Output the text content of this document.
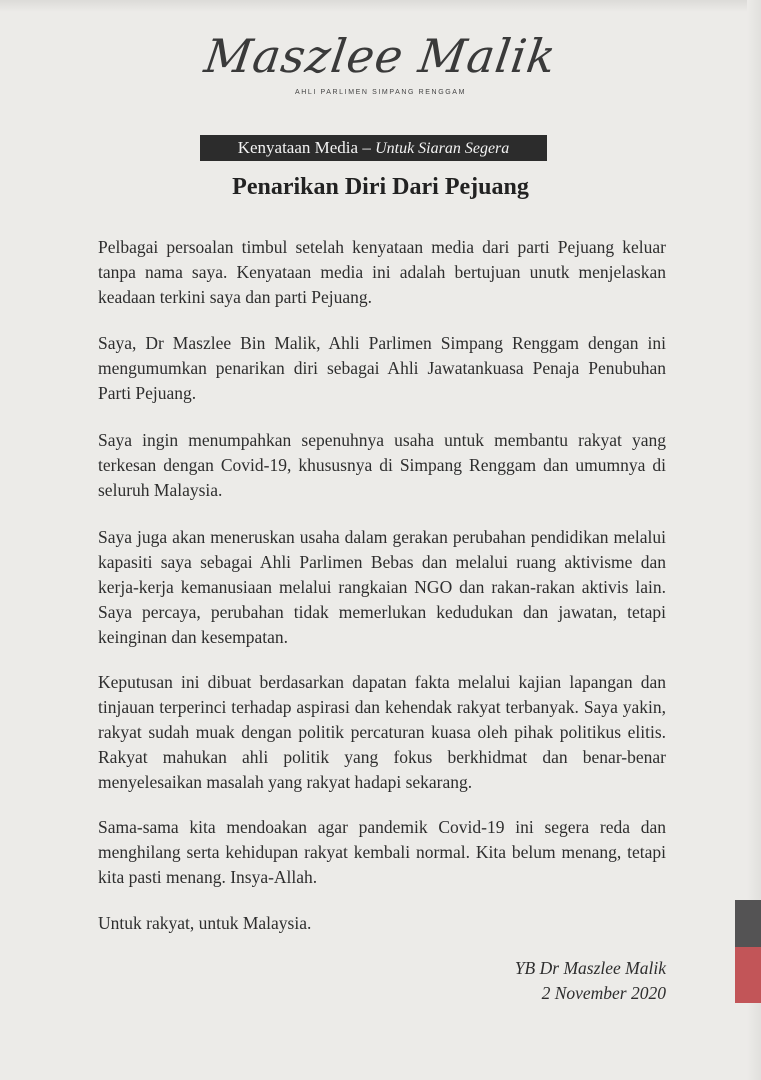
Maszlee Malik
AHLI PARLIMEN SIMPANG RENGGAM
Kenyataan Media – Untuk Siaran Segera
Penarikan Diri Dari Pejuang
Pelbagai persoalan timbul setelah kenyataan media dari parti Pejuang keluar tanpa nama saya. Kenyataan media ini adalah bertujuan unutk menjelaskan keadaan terkini saya dan parti Pejuang.
Saya, Dr Maszlee Bin Malik, Ahli Parlimen Simpang Renggam dengan ini mengumumkan penarikan diri sebagai Ahli Jawatankuasa Penaja Penubuhan Parti Pejuang.
Saya ingin menumpahkan sepenuhnya usaha untuk membantu rakyat yang terkesan dengan Covid-19, khususnya di Simpang Renggam dan umumnya di seluruh Malaysia.
Saya juga akan meneruskan usaha dalam gerakan perubahan pendidikan melalui kapasiti saya sebagai Ahli Parlimen Bebas dan melalui ruang aktivisme dan kerja-kerja kemanusiaan melalui rangkaian NGO dan rakan-rakan aktivis lain. Saya percaya, perubahan tidak memerlukan kedudukan dan jawatan, tetapi keinginan dan kesempatan.
Keputusan ini dibuat berdasarkan dapatan fakta melalui kajian lapangan dan tinjauan terperinci terhadap aspirasi dan kehendak rakyat terbanyak. Saya yakin, rakyat sudah muak dengan politik percaturan kuasa oleh pihak politikus elitis. Rakyat mahukan ahli politik yang fokus berkhidmat dan benar-benar menyelesaikan masalah yang rakyat hadapi sekarang.
Sama-sama kita mendoakan agar pandemik Covid-19 ini segera reda dan menghilang serta kehidupan rakyat kembali normal. Kita belum menang, tetapi kita pasti menang. Insya-Allah.
Untuk rakyat, untuk Malaysia.
YB Dr Maszlee Malik
2 November 2020
